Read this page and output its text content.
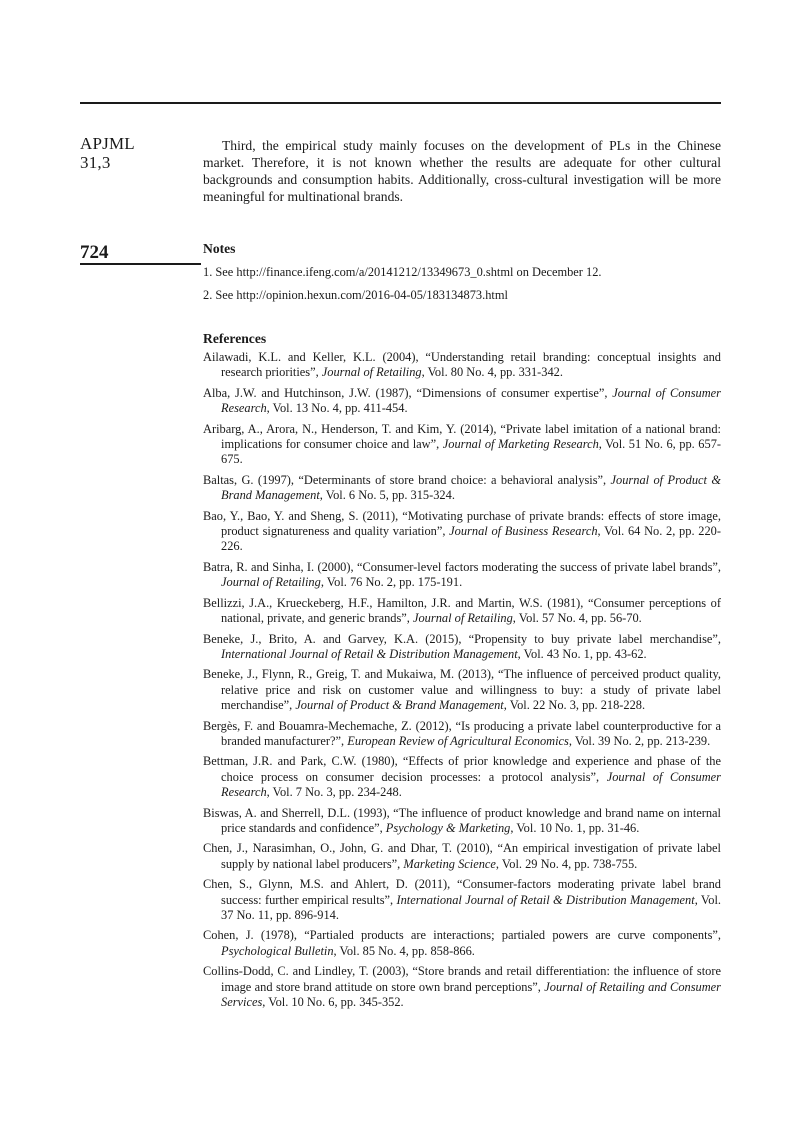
APJML
31,3
724

Third, the empirical study mainly focuses on the development of PLs in the Chinese market. Therefore, it is not known whether the results are adequate for other cultural backgrounds and consumption habits. Additionally, cross-cultural investigation will be more meaningful for multinational brands.

Notes
1. See http://finance.ifeng.com/a/20141212/13349673_0.shtml on December 12.
2. See http://opinion.hexun.com/2016-04-05/183134873.html
References
Ailawadi, K.L. and Keller, K.L. (2004), “Understanding retail branding: conceptual insights and research priorities”, Journal of Retailing, Vol. 80 No. 4, pp. 331-342.
Alba, J.W. and Hutchinson, J.W. (1987), “Dimensions of consumer expertise”, Journal of Consumer Research, Vol. 13 No. 4, pp. 411-454.
Aribarg, A., Arora, N., Henderson, T. and Kim, Y. (2014), “Private label imitation of a national brand: implications for consumer choice and law”, Journal of Marketing Research, Vol. 51 No. 6, pp. 657-675.
Baltas, G. (1997), “Determinants of store brand choice: a behavioral analysis”, Journal of Product & Brand Management, Vol. 6 No. 5, pp. 315-324.
Bao, Y., Bao, Y. and Sheng, S. (2011), “Motivating purchase of private brands: effects of store image, product signatureness and quality variation”, Journal of Business Research, Vol. 64 No. 2, pp. 220-226.
Batra, R. and Sinha, I. (2000), “Consumer-level factors moderating the success of private label brands”, Journal of Retailing, Vol. 76 No. 2, pp. 175-191.
Bellizzi, J.A., Krueckeberg, H.F., Hamilton, J.R. and Martin, W.S. (1981), “Consumer perceptions of national, private, and generic brands”, Journal of Retailing, Vol. 57 No. 4, pp. 56-70.
Beneke, J., Brito, A. and Garvey, K.A. (2015), “Propensity to buy private label merchandise”, International Journal of Retail & Distribution Management, Vol. 43 No. 1, pp. 43-62.
Beneke, J., Flynn, R., Greig, T. and Mukaiwa, M. (2013), “The influence of perceived product quality, relative price and risk on customer value and willingness to buy: a study of private label merchandise”, Journal of Product & Brand Management, Vol. 22 No. 3, pp. 218-228.
Bergès, F. and Bouamra-Mechemache, Z. (2012), “Is producing a private label counterproductive for a branded manufacturer?”, European Review of Agricultural Economics, Vol. 39 No. 2, pp. 213-239.
Bettman, J.R. and Park, C.W. (1980), “Effects of prior knowledge and experience and phase of the choice process on consumer decision processes: a protocol analysis”, Journal of Consumer Research, Vol. 7 No. 3, pp. 234-248.
Biswas, A. and Sherrell, D.L. (1993), “The influence of product knowledge and brand name on internal price standards and confidence”, Psychology & Marketing, Vol. 10 No. 1, pp. 31-46.
Chen, J., Narasimhan, O., John, G. and Dhar, T. (2010), “An empirical investigation of private label supply by national label producers”, Marketing Science, Vol. 29 No. 4, pp. 738-755.
Chen, S., Glynn, M.S. and Ahlert, D. (2011), “Consumer-factors moderating private label brand success: further empirical results”, International Journal of Retail & Distribution Management, Vol. 37 No. 11, pp. 896-914.
Cohen, J. (1978), “Partialed products are interactions; partialed powers are curve components”, Psychological Bulletin, Vol. 85 No. 4, pp. 858-866.
Collins-Dodd, C. and Lindley, T. (2003), “Store brands and retail differentiation: the influence of store image and store brand attitude on store own brand perceptions”, Journal of Retailing and Consumer Services, Vol. 10 No. 6, pp. 345-352.
